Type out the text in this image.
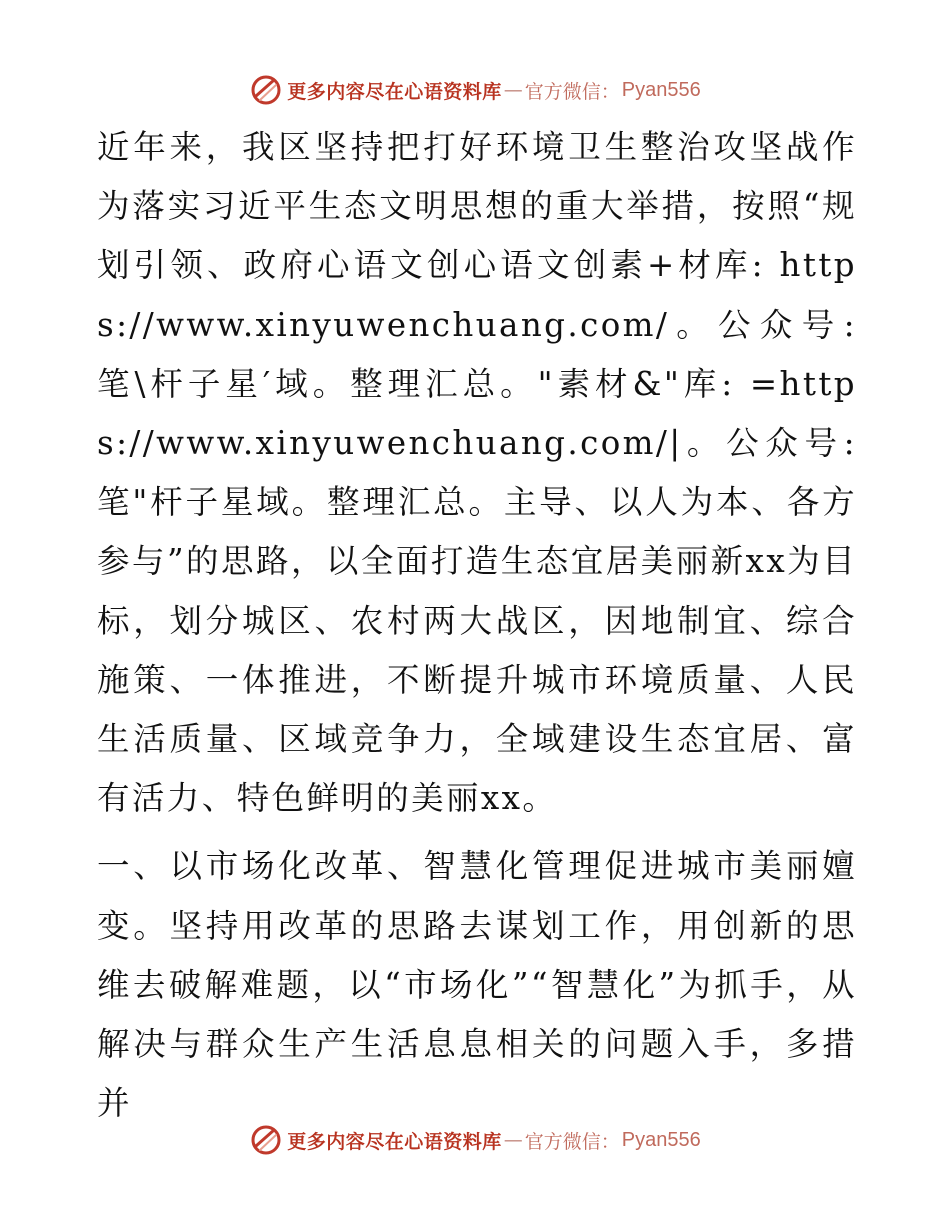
更多内容尽在心语资料库 — 官方微信： Pyan556

近年来，我区坚持把打好环境卫生整治攻坚战作为落实习近平生态文明思想的重大举措，按照“规划引领、政府心语文创心语文创素+材库: https://www.xinyuwenchuang.com/。公众号: 笔\杆子星′域。整理汇总。"素材&"库: =https://www.xinyuwenchuang.com/|。公众号: 笔"杆子星域。整理汇总。主导、以人为本、各方参与”的思路，以全面打造生态宜居美丽新xx为目标，划分城区、农村两大战区，因地制宜、综合施策、一体推进，不断提升城市环境质量、人民生活质量、区域竞争力，全域建设生态宜居、富有活力、特色鲜明的美丽xx。

一、以市场化改革、智慧化管理促进城市美丽嬗变。坚持用改革的思路去谋划工作，用创新的思维去破解难题，以“市场化”“智慧化”为抓手，从解决与群众生产生活息息相关的问题入手，多措并

更多内容尽在心语资料库 — 官方微信： Pyan556
